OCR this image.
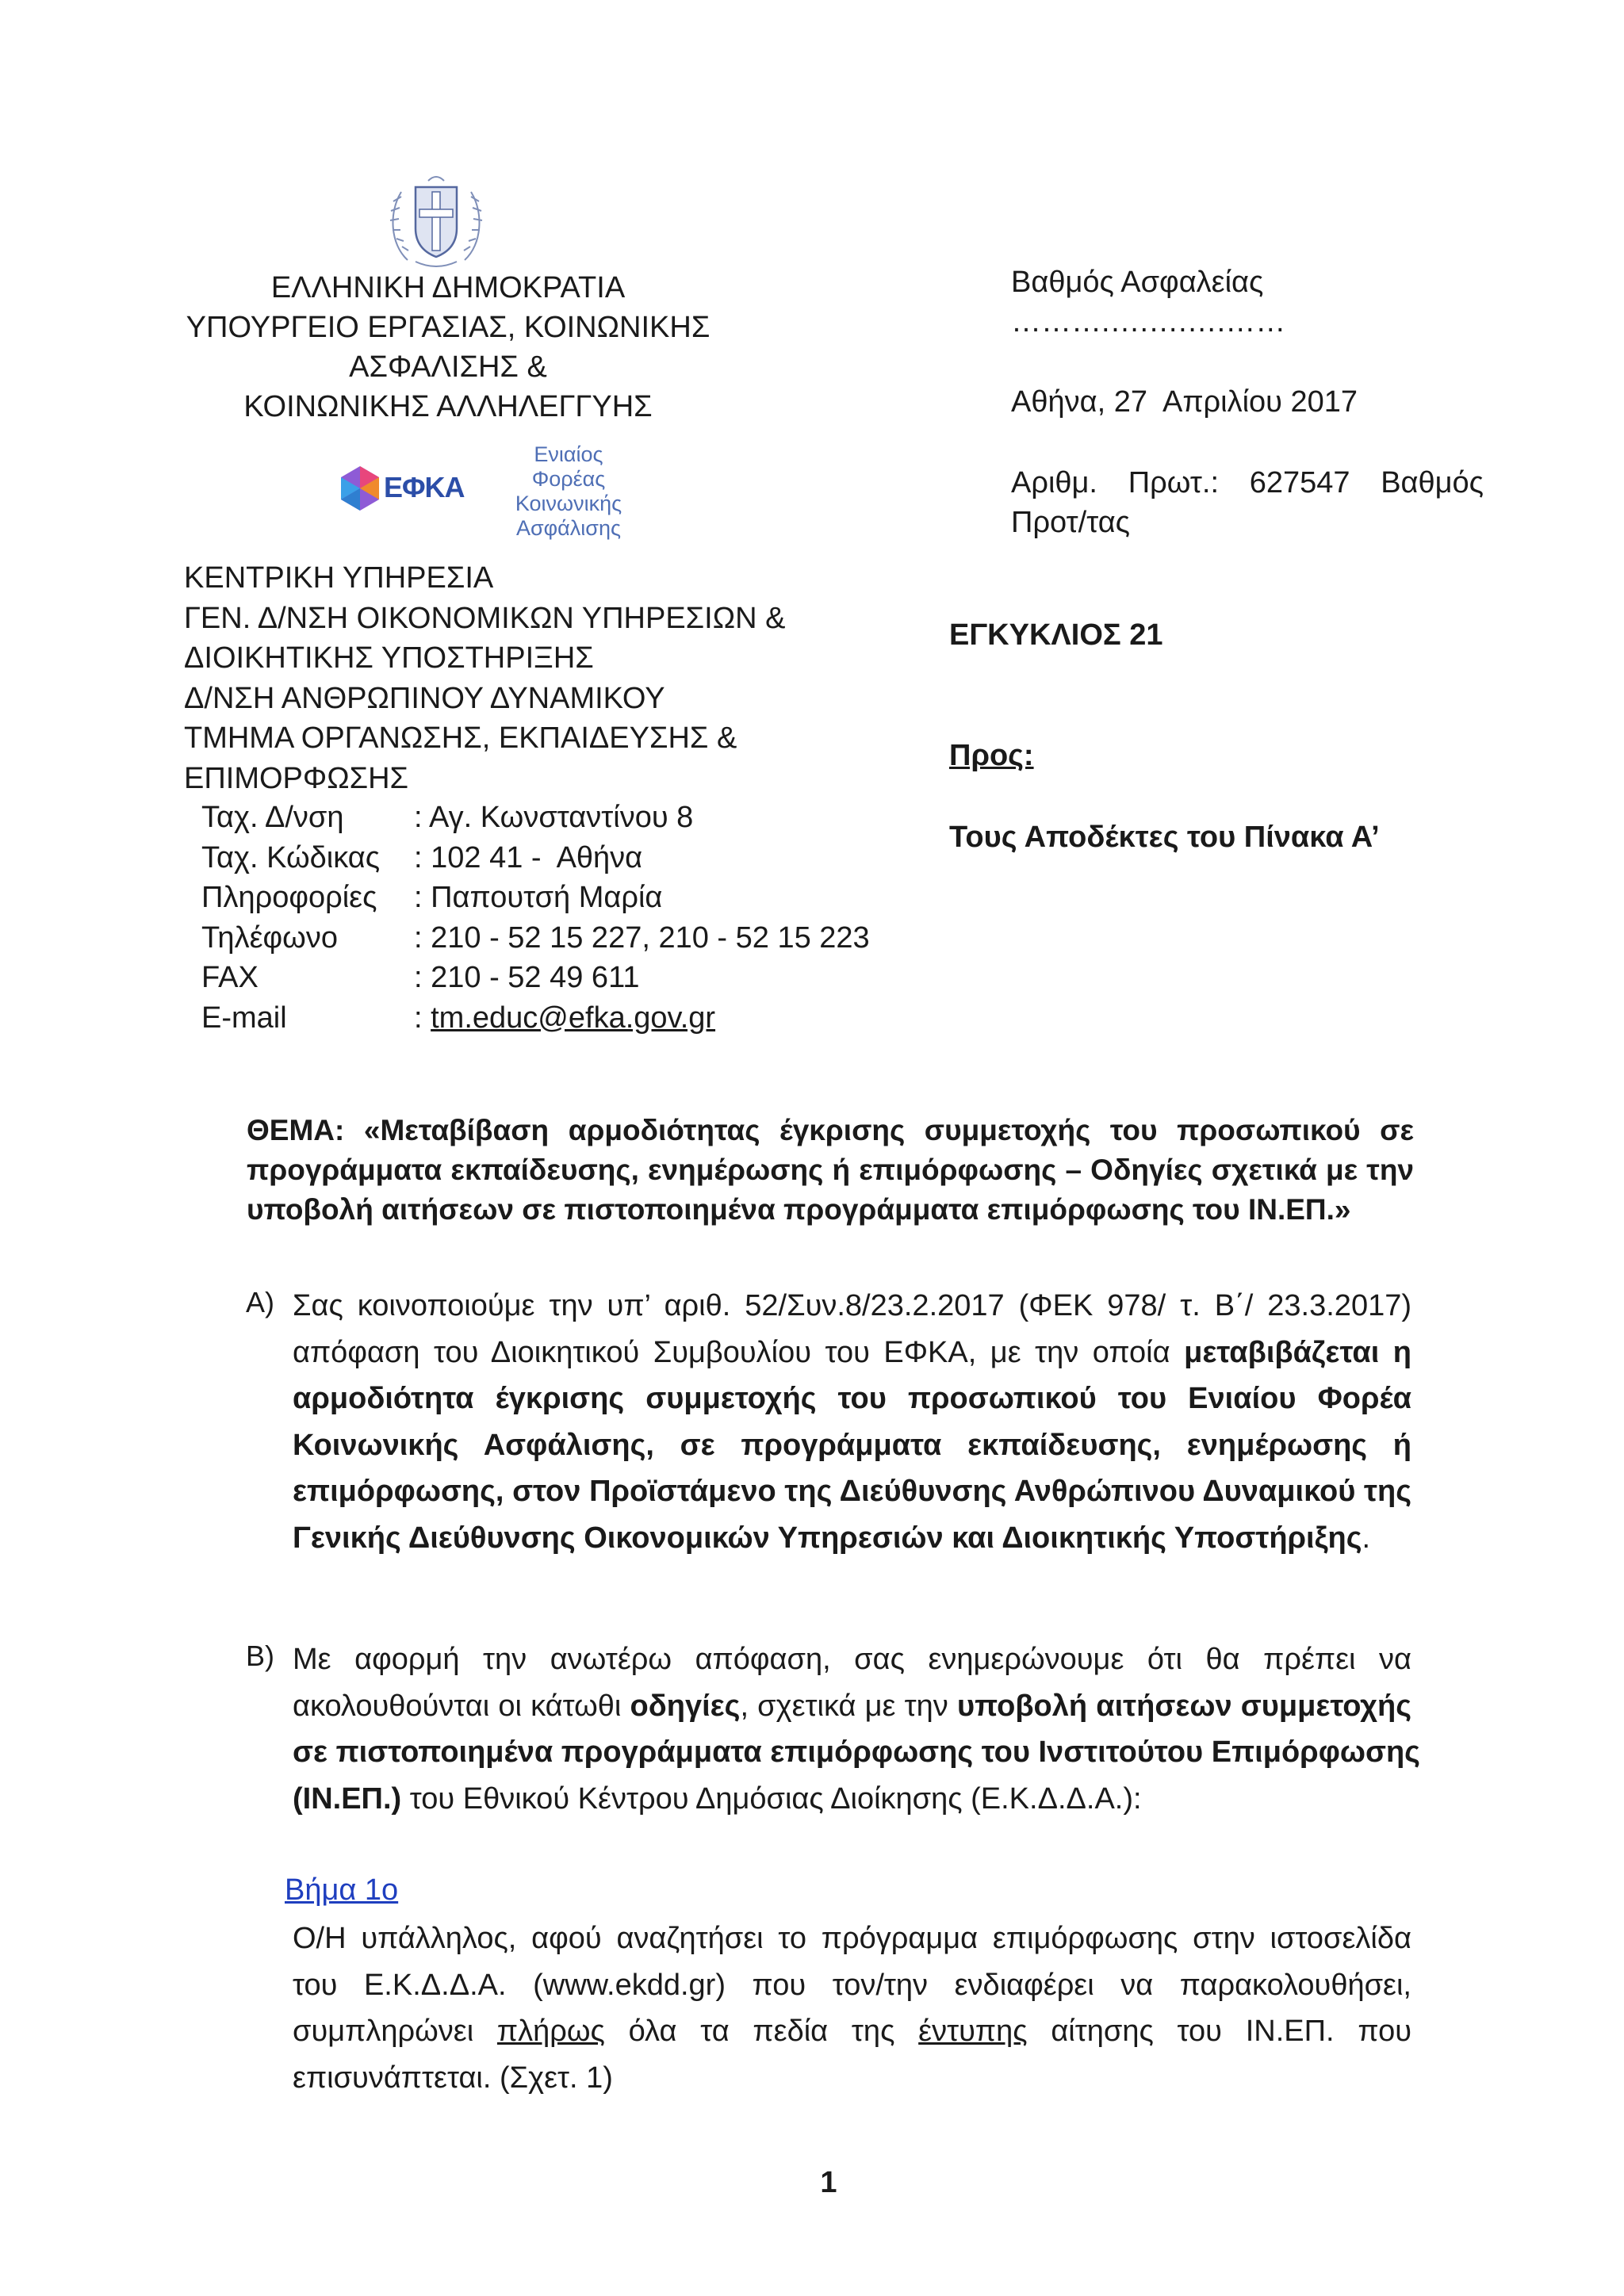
ΕΛΛΗΝΙΚΗ ΔΗΜΟΚΡΑΤΙΑ
ΥΠΟΥΡΓΕΙΟ ΕΡΓΑΣΙΑΣ, ΚΟΙΝΩΝΙΚΗΣ
ΑΣΦΑΛΙΣΗΣ &
ΚΟΙΝΩΝΙΚΗΣ ΑΛΛΗΛΕΓΓΥΗΣ
ΕΦΚΑ
Ενιαίος
Φορέας
Κοινωνικής
Ασφάλισης
ΚΕΝΤΡΙΚΗ ΥΠΗΡΕΣΙΑ
ΓΕΝ. Δ/ΝΣΗ ΟΙΚΟΝΟΜΙΚΩΝ ΥΠΗΡΕΣΙΩΝ &
ΔΙΟΙΚΗΤΙΚΗΣ ΥΠΟΣΤΗΡΙΞΗΣ
Δ/ΝΣΗ ΑΝΘΡΩΠΙΝΟΥ ΔΥΝΑΜΙΚΟΥ
ΤΜΗΜΑ ΟΡΓΑΝΩΣΗΣ, ΕΚΠΑΙΔΕΥΣΗΣ &
ΕΠΙΜΟΡΦΩΣΗΣ
Ταχ. Δ/νση	: Αγ. Κωνσταντίνου 8
Ταχ. Κώδικας	: 102 41 -  Αθήνα
Πληροφορίες	: Παπουτσή Μαρία
Τηλέφωνο	: 210 - 52 15 227, 210 - 52 15 223
FAX	: 210 - 52 49 611
E-mail	: tm.educ@efka.gov.gr
Βαθμός Ασφαλείας
……….….….….……
Αθήνα, 27  Απριλίου 2017
Αριθμ. Πρωτ.: 627547 Βαθμός
Προτ/τας
ΕΓΚΥΚΛΙΟΣ 21
Προς:
Τους Αποδέκτες του Πίνακα Α’
ΘΕΜΑ: «Μεταβίβαση αρμοδιότητας έγκρισης συμμετοχής του προσωπικού σε
προγράμματα εκπαίδευσης, ενημέρωσης ή επιμόρφωσης – Οδηγίες σχετικά με την
υποβολή αιτήσεων σε πιστοποιημένα προγράμματα επιμόρφωσης του ΙΝ.ΕΠ.»
A) Σας κοινοποιούμε την υπ’ αριθ. 52/Συν.8/23.2.2017 (ΦΕΚ 978/ τ. Β΄/ 23.3.2017)
απόφαση του Διοικητικού Συμβουλίου του ΕΦΚΑ, με την οποία μεταβιβάζεται η
αρμοδιότητα έγκρισης συμμετοχής του προσωπικού του Ενιαίου Φορέα
Κοινωνικής Ασφάλισης, σε προγράμματα εκπαίδευσης, ενημέρωσης ή
επιμόρφωσης, στον Προϊστάμενο της Διεύθυνσης Ανθρώπινου Δυναμικού της
Γενικής Διεύθυνσης Οικονομικών Υπηρεσιών και Διοικητικής Υποστήριξης.
B) Με αφορμή την ανωτέρω απόφαση, σας ενημερώνουμε ότι θα πρέπει να
ακολουθούνται οι κάτωθι οδηγίες, σχετικά με την υποβολή αιτήσεων συμμετοχής
σε πιστοποιημένα προγράμματα επιμόρφωσης του Ινστιτούτου Επιμόρφωσης
(ΙΝ.ΕΠ.) του Εθνικού Κέντρου Δημόσιας Διοίκησης (Ε.Κ.Δ.Δ.Α.):
Βήμα 1ο
Ο/Η υπάλληλος, αφού αναζητήσει το πρόγραμμα επιμόρφωσης στην ιστοσελίδα
του Ε.Κ.Δ.Δ.Α. (www.ekdd.gr) που τον/την ενδιαφέρει να παρακολουθήσει,
συμπληρώνει πλήρως όλα τα πεδία της έντυπης αίτησης του ΙΝ.ΕΠ. που
επισυνάπτεται. (Σχετ. 1)
1
